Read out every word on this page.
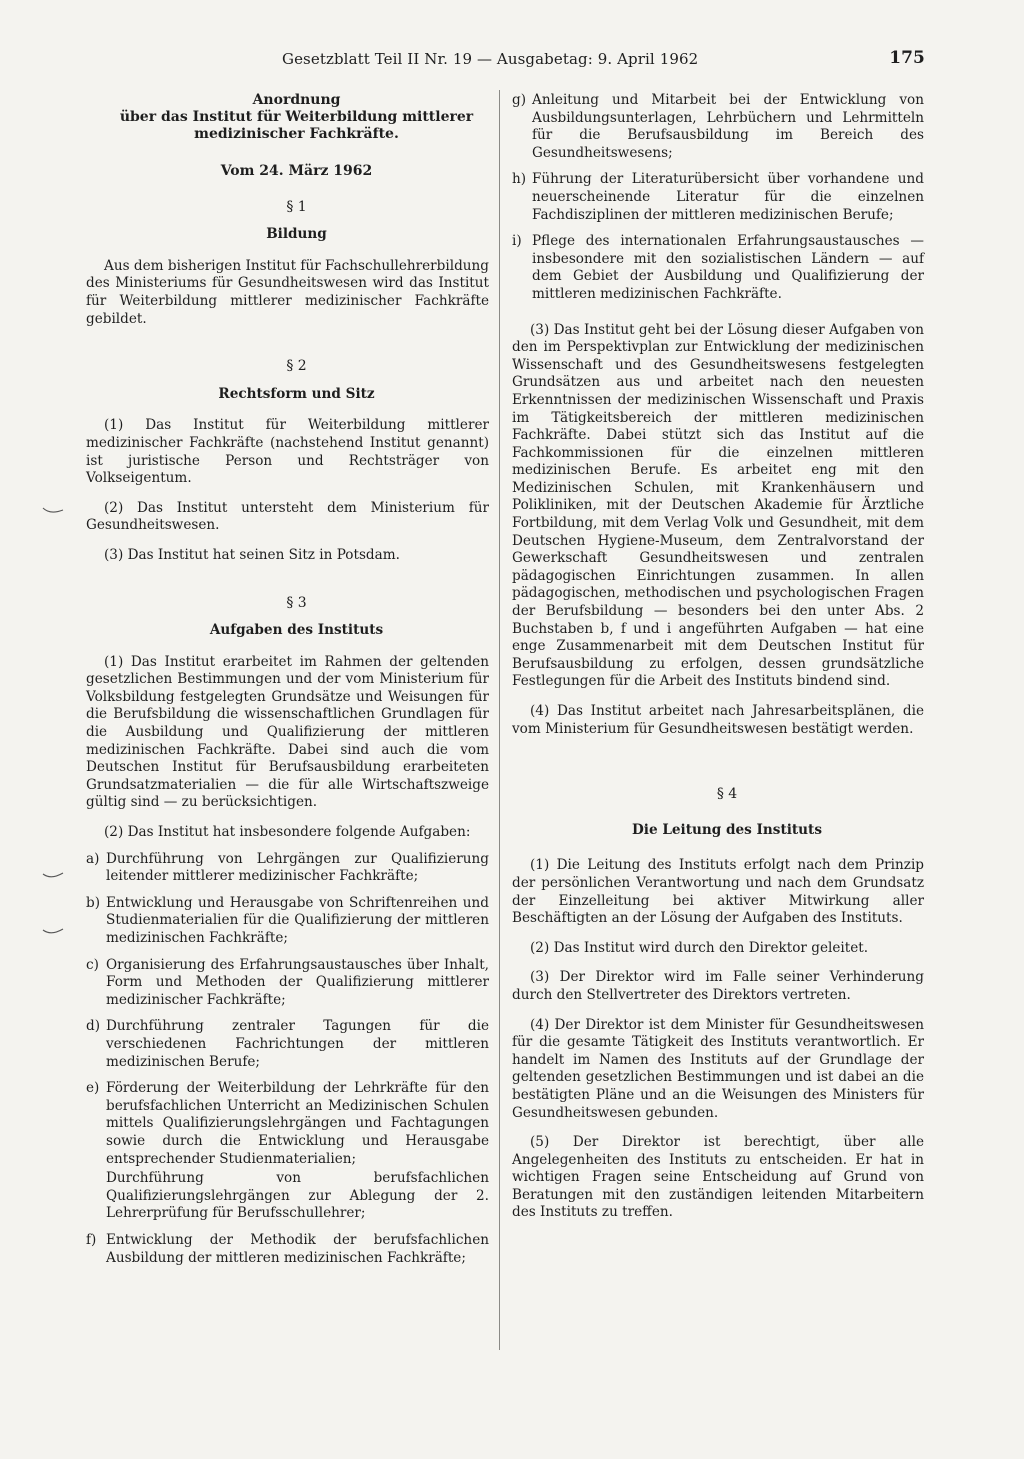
Gesetzblatt Teil II Nr. 19 — Ausgabetag: 9. April 1962	175

Anordnung

über das Institut für Weiterbildung mittlerer

medizinischer Fachkräfte.

Vom 24. März 1962

§ 1

Bildung

Aus dem bisherigen Institut für Fachschullehrerbildung des Ministeriums für Gesundheitswesen wird das Institut für Weiterbildung mittlerer medizinischer Fachkräfte gebildet.

§ 2

Rechtsform und Sitz

(1) Das Institut für Weiterbildung mittlerer medizinischer Fachkräfte (nachstehend Institut genannt) ist juristische Person und Rechtsträger von Volkseigentum.

(2) Das Institut untersteht dem Ministerium für Gesundheitswesen.

(3) Das Institut hat seinen Sitz in Potsdam.

§ 3

Aufgaben des Instituts

(1) Das Institut erarbeitet im Rahmen der geltenden gesetzlichen Bestimmungen und der vom Ministerium für Volksbildung festgelegten Grundsätze und Weisungen für die Berufsbildung die wissenschaftlichen Grundlagen für die Ausbildung und Qualifizierung der mittleren medizinischen Fachkräfte. Dabei sind auch die vom Deutschen Institut für Berufsausbildung erarbeiteten Grundsatzmaterialien — die für alle Wirtschaftszweige gültig sind — zu berücksichtigen.

(2) Das Institut hat insbesondere folgende Aufgaben:

a) Durchführung von Lehrgängen zur Qualifizierung leitender mittlerer medizinischer Fachkräfte;
b) Entwicklung und Herausgabe von Schriftenreihen und Studienmaterialien für die Qualifizierung der mittleren medizinischen Fachkräfte;
c) Organisierung des Erfahrungsaustausches über Inhalt, Form und Methoden der Qualifizierung mittlerer medizinischer Fachkräfte;
d) Durchführung zentraler Tagungen für die verschiedenen Fachrichtungen der mittleren medizinischen Berufe;
e) Förderung der Weiterbildung der Lehrkräfte für den berufsfachlichen Unterricht an Medizinischen Schulen mittels Qualifizierungslehrgängen und Fachtagungen sowie durch die Entwicklung und Herausgabe entsprechender Studienmaterialien;
Durchführung von berufsfachlichen Qualifizierungslehrgängen zur Ablegung der 2. Lehrerprüfung für Berufsschullehrer;
f) Entwicklung der Methodik der berufsfachlichen Ausbildung der mittleren medizinischen Fachkräfte;
g) Anleitung und Mitarbeit bei der Entwicklung von Ausbildungsunterlagen, Lehrbüchern und Lehrmitteln für die Berufsausbildung im Bereich des Gesundheitswesens;
h) Führung der Literaturübersicht über vorhandene und neuerscheinende Literatur für die einzelnen Fachdisziplinen der mittleren medizinischen Berufe;
i) Pflege des internationalen Erfahrungsaustausches — insbesondere mit den sozialistischen Ländern — auf dem Gebiet der Ausbildung und Qualifizierung der mittleren medizinischen Fachkräfte.

(3) Das Institut geht bei der Lösung dieser Aufgaben von den im Perspektivplan zur Entwicklung der medizinischen Wissenschaft und des Gesundheitswesens festgelegten Grundsätzen aus und arbeitet nach den neuesten Erkenntnissen der medizinischen Wissenschaft und Praxis im Tätigkeitsbereich der mittleren medizinischen Fachkräfte. Dabei stützt sich das Institut auf die Fachkommissionen für die einzelnen mittleren medizinischen Berufe. Es arbeitet eng mit den Medizinischen Schulen, mit Krankenhäusern und Polikliniken, mit der Deutschen Akademie für Ärztliche Fortbildung, mit dem Verlag Volk und Gesundheit, mit dem Deutschen Hygiene-Museum, dem Zentralvorstand der Gewerkschaft Gesundheitswesen und zentralen pädagogischen Einrichtungen zusammen. In allen pädagogischen, methodischen und psychologischen Fragen der Berufsbildung — besonders bei den unter Abs. 2 Buchstaben b, f und i angeführten Aufgaben — hat eine enge Zusammenarbeit mit dem Deutschen Institut für Berufsausbildung zu erfolgen, dessen grundsätzliche Festlegungen für die Arbeit des Instituts bindend sind.

(4) Das Institut arbeitet nach Jahresarbeitsplänen, die vom Ministerium für Gesundheitswesen bestätigt werden.

§ 4

Die Leitung des Instituts

(1) Die Leitung des Instituts erfolgt nach dem Prinzip der persönlichen Verantwortung und nach dem Grundsatz der Einzelleitung bei aktiver Mitwirkung aller Beschäftigten an der Lösung der Aufgaben des Instituts.

(2) Das Institut wird durch den Direktor geleitet.

(3) Der Direktor wird im Falle seiner Verhinderung durch den Stellvertreter des Direktors vertreten.

(4) Der Direktor ist dem Minister für Gesundheitswesen für die gesamte Tätigkeit des Instituts verantwortlich. Er handelt im Namen des Instituts auf der Grundlage der geltenden gesetzlichen Bestimmungen und ist dabei an die bestätigten Pläne und an die Weisungen des Ministers für Gesundheitswesen gebunden.

(5) Der Direktor ist berechtigt, über alle Angelegenheiten des Instituts zu entscheiden. Er hat in wichtigen Fragen seine Entscheidung auf Grund von Beratungen mit den zuständigen leitenden Mitarbeitern des Instituts zu treffen.
